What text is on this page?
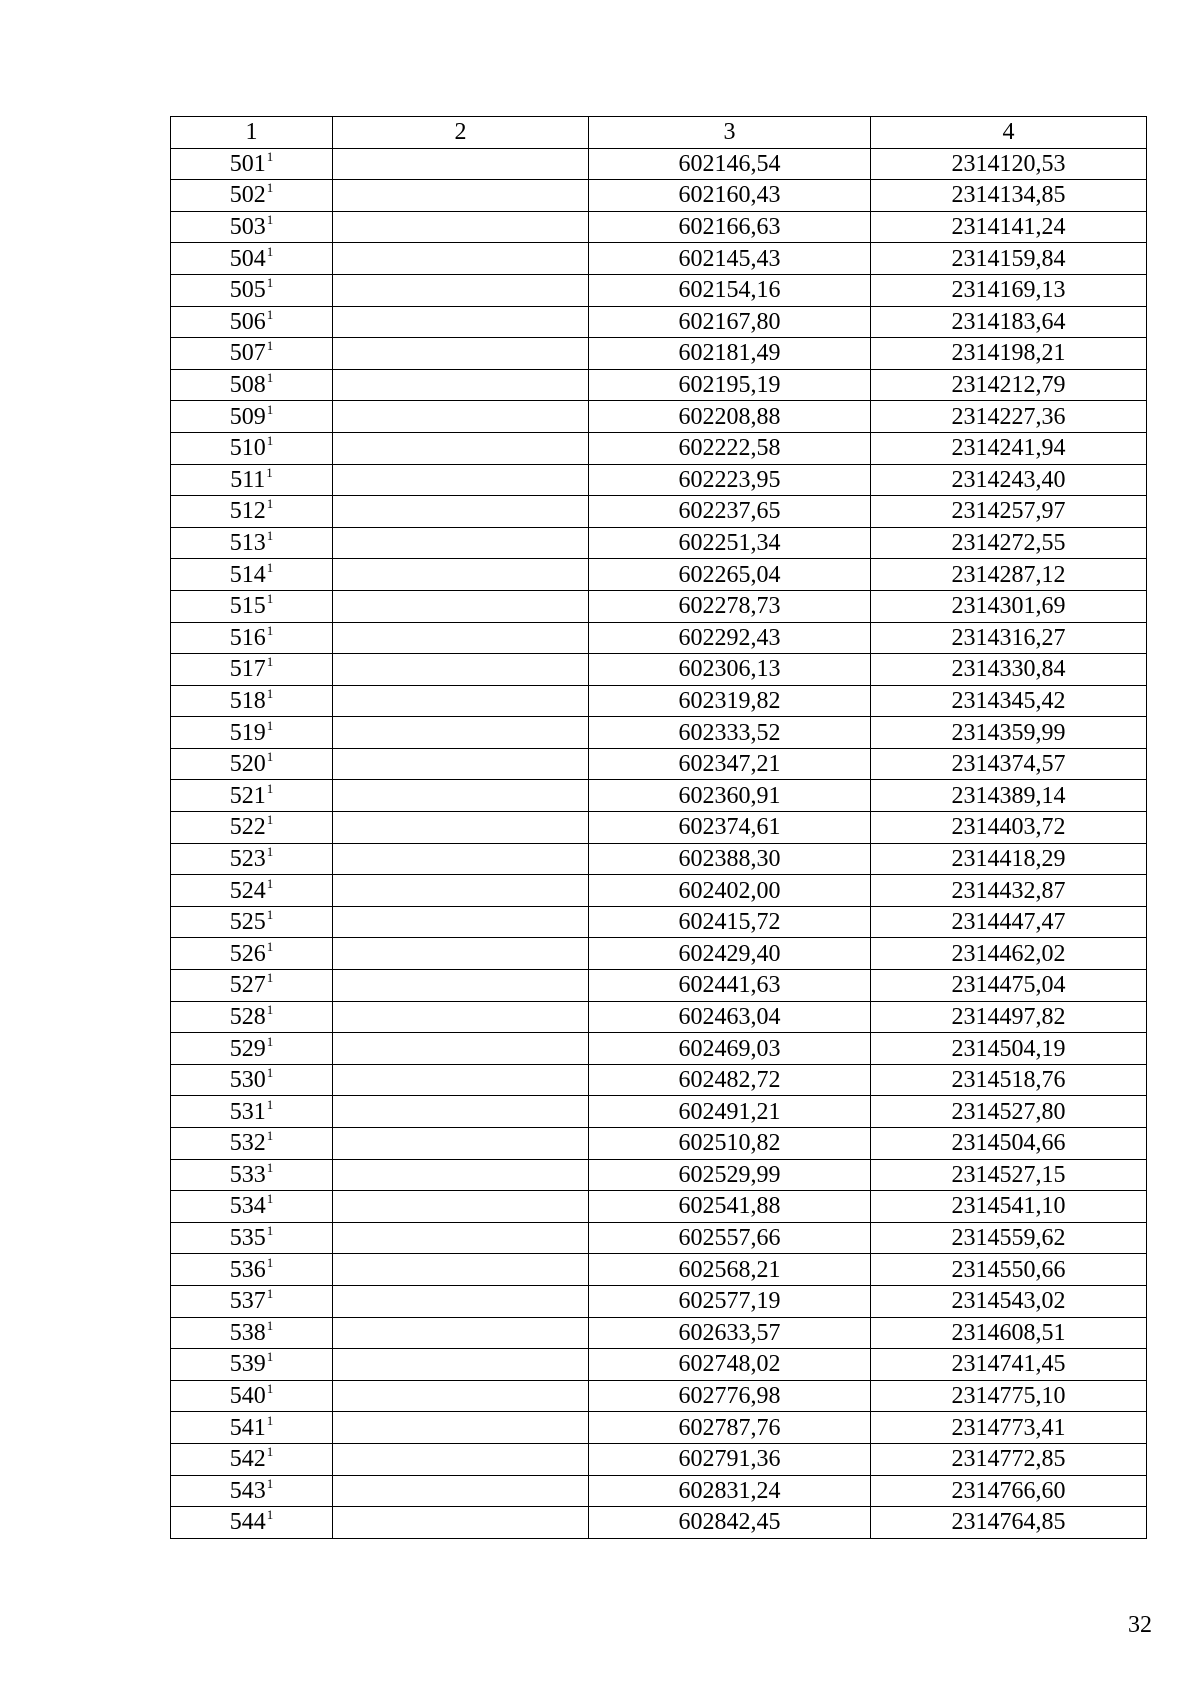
1	2	3	4
$501^1$		602146,54	2314120,53
$502^1$		602160,43	2314134,85
$503^1$		602166,63	2314141,24
$504^1$		602145,43	2314159,84
$505^1$		602154,16	2314169,13
$506^1$		602167,80	2314183,64
$507^1$		602181,49	2314198,21
$508^1$		602195,19	2314212,79
$509^1$		602208,88	2314227,36
$510^1$		602222,58	2314241,94
$511^1$		602223,95	2314243,40
$512^1$		602237,65	2314257,97
$513^1$		602251,34	2314272,55
$514^1$		602265,04	2314287,12
$515^1$		602278,73	2314301,69
$516^1$		602292,43	2314316,27
$517^1$		602306,13	2314330,84
$518^1$		602319,82	2314345,42
$519^1$		602333,52	2314359,99
$520^1$		602347,21	2314374,57
$521^1$		602360,91	2314389,14
$522^1$		602374,61	2314403,72
$523^1$		602388,30	2314418,29
$524^1$		602402,00	2314432,87
$525^1$		602415,72	2314447,47
$526^1$		602429,40	2314462,02
$527^1$		602441,63	2314475,04
$528^1$		602463,04	2314497,82
$529^1$		602469,03	2314504,19
$530^1$		602482,72	2314518,76
$531^1$		602491,21	2314527,80
$532^1$		602510,82	2314504,66
$533^1$		602529,99	2314527,15
$534^1$		602541,88	2314541,10
$535^1$		602557,66	2314559,62
$536^1$		602568,21	2314550,66
$537^1$		602577,19	2314543,02
$538^1$		602633,57	2314608,51
$539^1$		602748,02	2314741,45
$540^1$		602776,98	2314775,10
$541^1$		602787,76	2314773,41
$542^1$		602791,36	2314772,85
$543^1$		602831,24	2314766,60
$544^1$		602842,45	2314764,85
32
